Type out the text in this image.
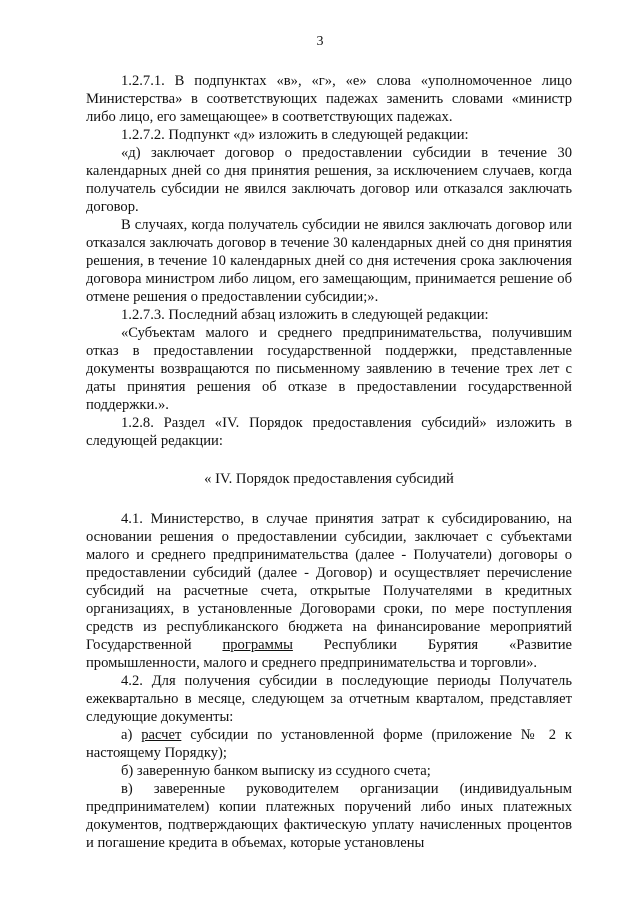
3

1.2.7.1. В подпунктах «в», «г», «е» слова «уполномоченное лицо Министерства» в соответствующих падежах заменить словами «министр либо лицо, его замещающее» в соответствующих падежах.

1.2.7.2. Подпункт «д» изложить в следующей редакции:

«д) заключает договор о предоставлении субсидии в течение 30 календарных дней со дня принятия решения, за исключением случаев, когда получатель субсидии не явился заключать договор или отказался заключать договор.

В случаях, когда получатель субсидии не явился заключать договор или отказался заключать договор в течение 30 календарных дней со дня принятия решения, в течение 10 календарных дней со дня истечения срока заключения договора министром либо лицом, его замещающим, принимается решение об отмене решения о предоставлении субсидии;».

1.2.7.3. Последний абзац изложить в следующей редакции:

«Субъектам малого и среднего предпринимательства, получившим отказ в предоставлении государственной поддержки, представленные документы возвращаются по письменному заявлению в течение трех лет с даты принятия решения об отказе в предоставлении государственной поддержки.».

1.2.8. Раздел «IV. Порядок предоставления субсидий» изложить в следующей редакции:

« IV. Порядок предоставления субсидий

4.1. Министерство, в случае принятия затрат к субсидированию, на основании решения о предоставлении субсидии, заключает с субъектами малого и среднего предпринимательства (далее - Получатели) договоры о предоставлении субсидий (далее - Договор) и осуществляет перечисление субсидий на расчетные счета, открытые Получателями в кредитных организациях, в установленные Договорами сроки, по мере поступления средств из республиканского бюджета на финансирование мероприятий Государственной программы Республики Бурятия «Развитие промышленности, малого и среднего предпринимательства и торговли».

4.2. Для получения субсидии в последующие периоды Получатель ежеквартально в месяце, следующем за отчетным кварталом, представляет следующие документы:

а) расчет субсидии по установленной форме (приложение № 2 к настоящему Порядку);

б) заверенную банком выписку из ссудного счета;

в) заверенные руководителем организации (индивидуальным предпринимателем) копии платежных поручений либо иных платежных документов, подтверждающих фактическую уплату начисленных процентов и погашение кредита в объемах, которые установлены
